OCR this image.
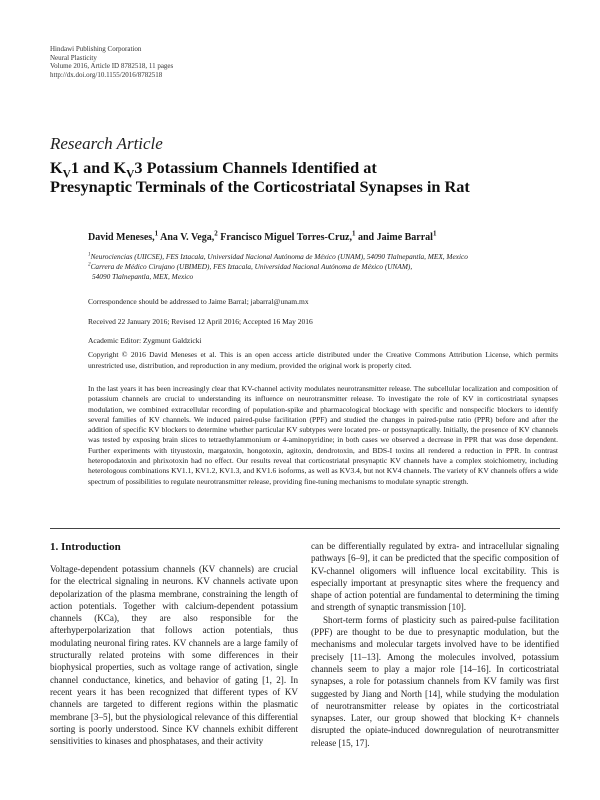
Hindawi Publishing Corporation
Neural Plasticity
Volume 2016, Article ID 8782518, 11 pages
http://dx.doi.org/10.1155/2016/8782518
Research Article
$K_V1$ and $K_V3$ Potassium Channels Identified at
Presynaptic Terminals of the Corticostriatal Synapses in Rat
David Meneses,$^1$ Ana V. Vega,$^2$ Francisco Miguel Torres-Cruz,$^1$ and Jaime Barral$^1$
$^1$Neurociencias (UIICSE), FES Iztacala, Universidad Nacional Autónoma de México (UNAM), 54090 Tlalnepantla, MEX, Mexico
$^2$Carrera de Médico Cirujano (UBIMED), FES Iztacala, Universidad Nacional Autónoma de México (UNAM),
54090 Tlalnepantla, MEX, Mexico
Correspondence should be addressed to Jaime Barral; jabarral@unam.mx
Received 22 January 2016; Revised 12 April 2016; Accepted 16 May 2016
Academic Editor: Zygmunt Galdzicki
Copyright © 2016 David Meneses et al. This is an open access article distributed under the Creative Commons Attribution License, which permits unrestricted use, distribution, and reproduction in any medium, provided the original work is properly cited.
In the last years it has been increasingly clear that KV-channel activity modulates neurotransmitter release. The subcellular localization and composition of potassium channels are crucial to understanding its influence on neurotransmitter release. To investigate the role of KV in corticostriatal synapses modulation, we combined extracellular recording of population-spike and pharmacological blockage with specific and nonspecific blockers to identify several families of KV channels. We induced paired-pulse facilitation (PPF) and studied the changes in paired-pulse ratio (PPR) before and after the addition of specific KV blockers to determine whether particular KV subtypes were located pre- or postsynaptically. Initially, the presence of KV channels was tested by exposing brain slices to tetraethylammonium or 4-aminopyridine; in both cases we observed a decrease in PPR that was dose dependent. Further experiments with tityustoxin, margatoxin, hongotoxin, agitoxin, dendrotoxin, and BDS-I toxins all rendered a reduction in PPR. In contrast heteropodatoxin and phrixotoxin had no effect. Our results reveal that corticostriatal presynaptic KV channels have a complex stoichiometry, including heterologous combinations KV1.1, KV1.2, KV1.3, and KV1.6 isoforms, as well as KV3.4, but not KV4 channels. The variety of KV channels offers a wide spectrum of possibilities to regulate neurotransmitter release, providing fine-tuning mechanisms to modulate synaptic strength.
1. Introduction

Voltage-dependent potassium channels (KV channels) are crucial for the electrical signaling in neurons. KV channels activate upon depolarization of the plasma membrane, constraining the length of action potentials. Together with calcium-dependent potassium channels (KCa), they are also responsible for the afterhyperpolarization that follows action potentials, thus modulating neuronal firing rates. KV channels are a large family of structurally related proteins with some differences in their biophysical properties, such as voltage range of activation, single channel conductance, kinetics, and behavior of gating [1, 2]. In recent years it has been recognized that different types of KV channels are targeted to different regions within the plasmatic membrane [3–5], but the physiological relevance of this differential sorting is poorly understood. Since KV channels exhibit different sensitivities to kinases and phosphatases, and their activity

can be differentially regulated by extra- and intracellular signaling pathways [6–9], it can be predicted that the specific composition of KV-channel oligomers will influence local excitability. This is especially important at presynaptic sites where the frequency and shape of action potential are fundamental to determining the timing and strength of synaptic transmission [10].

Short-term forms of plasticity such as paired-pulse facilitation (PPF) are thought to be due to presynaptic modulation, but the mechanisms and molecular targets involved have to be identified precisely [11–13]. Among the molecules involved, potassium channels seem to play a major role [14–16]. In corticostriatal synapses, a role for potassium channels from KV family was first suggested by Jiang and North [14], while studying the modulation of neurotransmitter release by opiates in the corticostriatal synapses. Later, our group showed that blocking K+ channels disrupted the opiate-induced downregulation of neurotransmitter release [15, 17].
